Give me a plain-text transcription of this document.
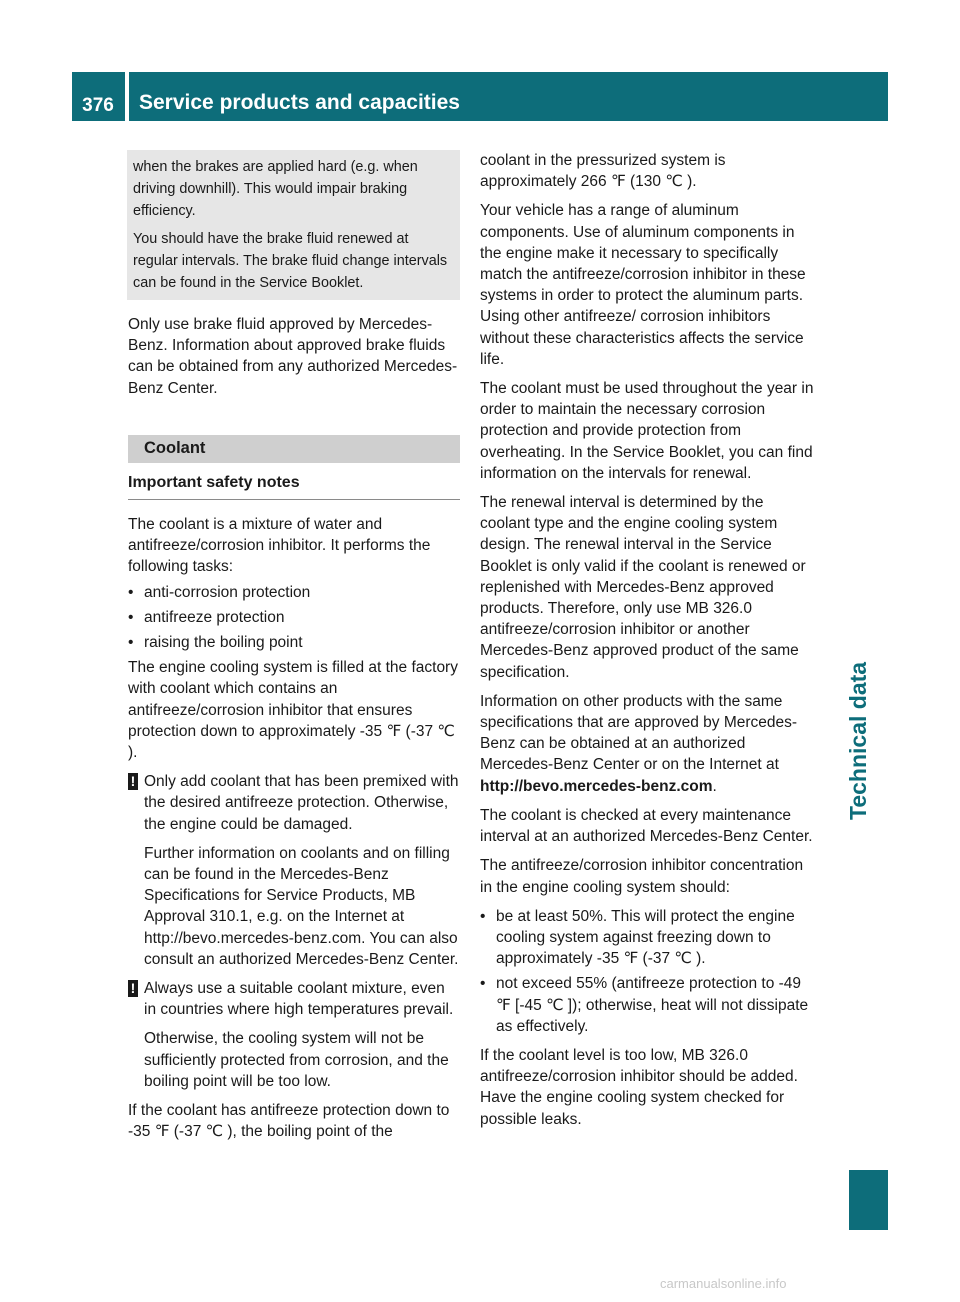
376	Service products and capacities
Technical data

when the brakes are applied hard (e.g. when driving downhill). This would impair braking efficiency.

You should have the brake fluid renewed at regular intervals. The brake fluid change intervals can be found in the Service Booklet.

Only use brake fluid approved by Mercedes-Benz. Information about approved brake fluids can be obtained from any authorized Mercedes-Benz Center.

Coolant
Important safety notes

The coolant is a mixture of water and antifreeze/corrosion inhibitor. It performs the following tasks:

• anti-corrosion protection
• antifreeze protection
• raising the boiling point

The engine cooling system is filled at the factory with coolant which contains an antifreeze/corrosion inhibitor that ensures protection down to approximately -35 ℉ (-37 ℃ ).

! Only add coolant that has been premixed with the desired antifreeze protection. Otherwise, the engine could be damaged.

Further information on coolants and on filling can be found in the Mercedes-Benz Specifications for Service Products, MB Approval 310.1, e.g. on the Internet at http://bevo.mercedes-benz.com. You can also consult an authorized Mercedes-Benz Center.

! Always use a suitable coolant mixture, even in countries where high temperatures prevail.

Otherwise, the cooling system will not be sufficiently protected from corrosion, and the boiling point will be too low.

If the coolant has antifreeze protection down to -35 ℉ (-37 ℃ ), the boiling point of the

coolant in the pressurized system is approximately 266 ℉ (130 ℃ ).

Your vehicle has a range of aluminum components. Use of aluminum components in the engine make it necessary to specifically match the antifreeze/corrosion inhibitor in these systems in order to protect the aluminum parts. Using other antifreeze/ corrosion inhibitors without these characteristics affects the service life.

The coolant must be used throughout the year in order to maintain the necessary corrosion protection and provide protection from overheating. In the Service Booklet, you can find information on the intervals for renewal.

The renewal interval is determined by the coolant type and the engine cooling system design. The renewal interval in the Service Booklet is only valid if the coolant is renewed or replenished with Mercedes-Benz approved products. Therefore, only use MB 326.0 antifreeze/corrosion inhibitor or another Mercedes-Benz approved product of the same specification.

Information on other products with the same specifications that are approved by Mercedes-Benz can be obtained at an authorized Mercedes-Benz Center or on the Internet at http://bevo.mercedes-benz.com.

The coolant is checked at every maintenance interval at an authorized Mercedes-Benz Center.

The antifreeze/corrosion inhibitor concentration in the engine cooling system should:

• be at least 50%. This will protect the engine cooling system against freezing down to approximately -35 ℉ (-37 ℃ ).
• not exceed 55% (antifreeze protection to -49 ℉ [-45 ℃ ]); otherwise, heat will not dissipate as effectively.

If the coolant level is too low, MB 326.0 antifreeze/corrosion inhibitor should be added. Have the engine cooling system checked for possible leaks.

carmanualsonline.info
